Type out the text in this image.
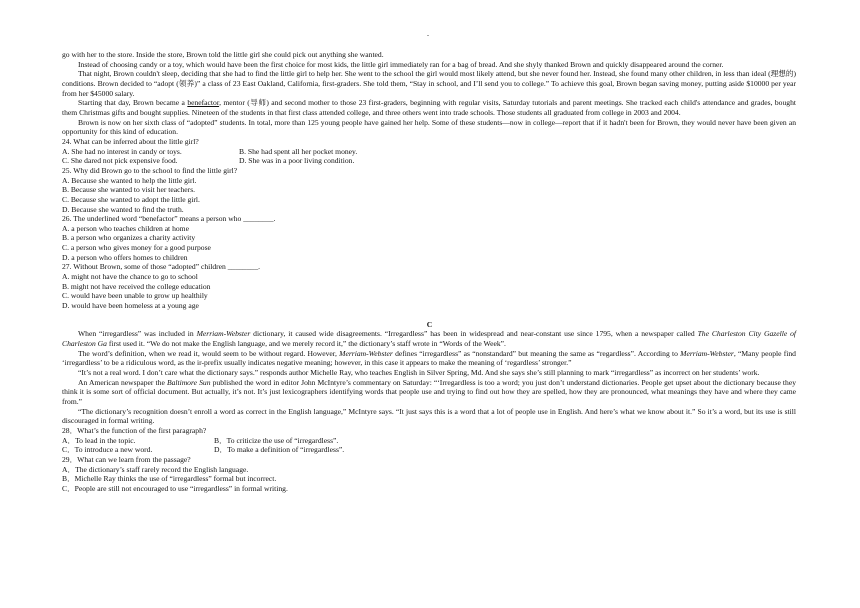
.

go with her to the store. Inside the store, Brown told the little girl she could pick out anything she wanted.

Instead of choosing candy or a toy, which would have been the first choice for most kids, the little girl immediately ran for a bag of bread. And she shyly thanked Brown and quickly disappeared around the corner.

That night, Brown couldn't sleep, deciding that she had to find the little girl to help her. She went to the school the girl would most likely attend, but she never found her. Instead, she found many other children, in less than ideal (理想的) conditions. Brown decided to “adopt (领养)” a class of 23 East Oakland, California, first-graders. She told them, “Stay in school, and I’ll send you to college.” To achieve this goal, Brown began saving money, putting aside $10000 per year from her $45000 salary.

Starting that day, Brown became a benefactor, mentor (导师) and second mother to those 23 first-graders, beginning with regular visits, Saturday tutorials and parent meetings. She tracked each child's attendance and grades, bought them Christmas gifts and bought supplies. Nineteen of the students in that first class attended college, and three others went into trade schools. Those students all graduated from college in 2003 and 2004.

Brown is now on her sixth class of “adopted” students. In total, more than 125 young people have gained her help. Some of these students—now in college—report that if it hadn't been for Brown, they would never have been given an opportunity for this kind of education.

24. What can be inferred about the little girl?

A. She had no interest in candy or toys.	B. She had spent all her pocket money.
C. She dared not pick expensive food.	D. She was in a poor living condition.

25. Why did Brown go to the school to find the little girl?

A. Because she wanted to help the little girl.

B. Because she wanted to visit her teachers.

C. Because she wanted to adopt the little girl.

D. Because she wanted to find the truth.

26. The underlined word “benefactor” means a person who ________.

A. a person who teaches children at home

B. a person who organizes a charity activity

C. a person who gives money for a good purpose

D. a person who offers homes to children

27. Without Brown, some of those “adopted” children ________.

A. might not have the chance to go to school

B. might not have received the college education

C. would have been unable to grow up healthily

D. would have been homeless at a young age

C

When “irregardless” was included in Merriam-Webster dictionary, it caused wide disagreements. “Irregardless” has been in widespread and near-constant use since 1795, when a newspaper called The Charleston City Gazelle of Charleston Ga first used it. “We do not make the English language, and we merely record it,” the dictionary’s staff wrote in “Words of the Week”.

The word’s definition, when we read it, would seem to be without regard. However, Merriam-Webster defines “irregardless” as “nonstandard” but meaning the same as “regardless”. According to Merriam-Webster, “Many people find ‘irregardless’ to be a ridiculous word, as the ir-prefix usually indicates negative meaning; however, in this case it appears to make the meaning of ‘regardless’ stronger.”

“It’s not a real word. I don’t care what the dictionary says.” responds author Michelle Ray, who teaches English in Silver Spring, Md. And she says she’s still planning to mark “irregardless” as incorrect on her students’ work.

An American newspaper the Baltimore Sun published the word in editor John McIntyre’s commentary on Saturday: “‘Irregardless is too a word; you just don’t understand dictionaries. People get upset about the dictionary because they think it is some sort of official document. But actually, it’s not. It’s just lexicographers identifying words that people use and trying to find out how they are spelled, how they are pronounced, what meanings they have and where they came from.”

“The dictionary’s recognition doesn’t enroll a word as correct in the English language,” McIntyre says. “It just says this is a word that a lot of people use in English. And here’s what we know about it.” So it’s a word, but its use is still discouraged in formal writing.

28．What’s the function of the first paragraph?

A．To lead in the topic.	B．To criticize the use of “irregardless”.
C．To introduce a new word.	D．To make a definition of “irregardless”.

29．What can we learn from the passage?

A．The dictionary’s staff rarely record the English language.

B．Michelle Ray thinks the use of “irregardless” formal but incorrect.

C．People are still not encouraged to use “irregardless” in formal writing.
